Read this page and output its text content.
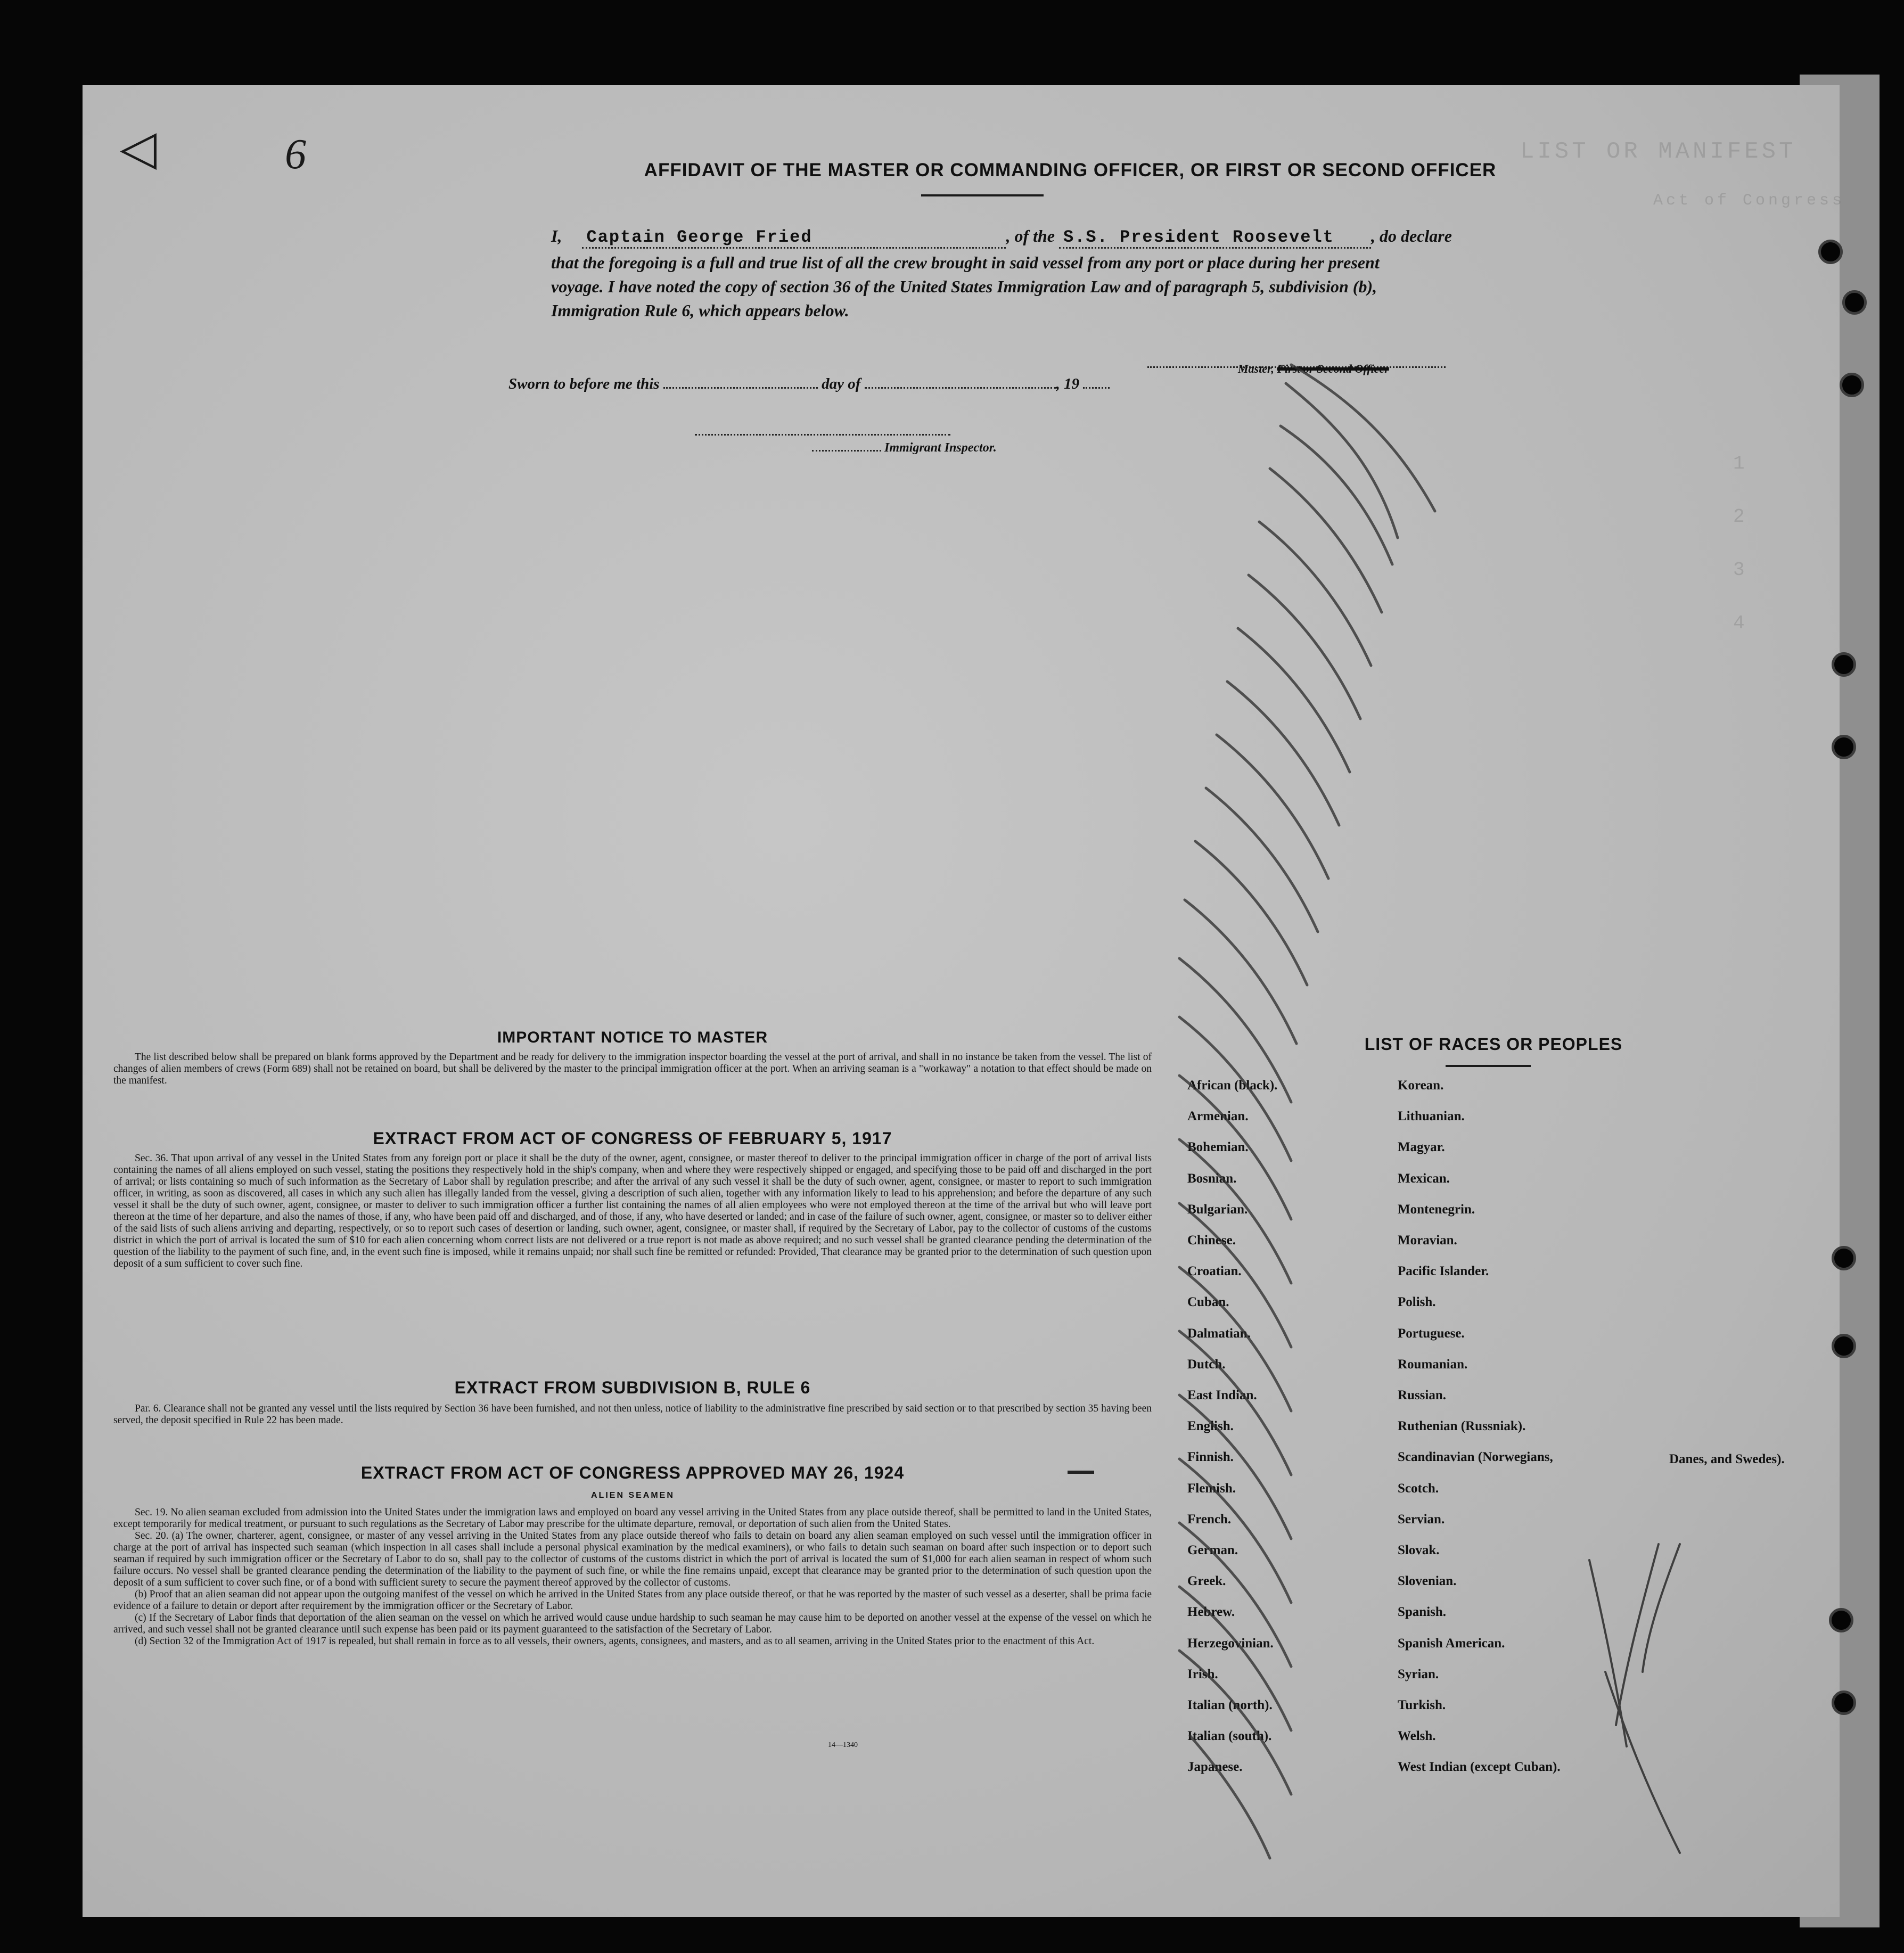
LIST OR MANIFEST
Act of Congress
1
2
3
4
AFFIDAVIT OF THE MASTER OR COMMANDING OFFICER, OR FIRST OR SECOND OFFICER
I, Captain George Fried	, of the S.S. President Roosevelt , do declare
that the foregoing is a full and true list of all the crew brought in said vessel from any port or place during her present
voyage. I have noted the copy of section 36 of the United States Immigration Law and of paragraph 5, subdivision (b),
Immigration Rule 6, which appears below.
Master, First or Second Officer
Sworn to before me this	day of	, 19
Immigrant Inspector.
IMPORTANT NOTICE TO MASTER

The list described below shall be prepared on blank forms approved by the Department and be ready for delivery to the immigration inspector boarding the vessel at the port of arrival, and shall in no instance be taken from the vessel. The list of changes of alien members of crews (Form 689) shall not be retained on board, but shall be delivered by the master to the principal immigration officer at the port. When an arriving seaman is a "workaway" a notation to that effect should be made on the manifest.

EXTRACT FROM ACT OF CONGRESS OF FEBRUARY 5, 1917

Sec. 36. That upon arrival of any vessel in the United States from any foreign port or place it shall be the duty of the owner, agent, consignee, or master thereof to deliver to the principal immigration officer in charge of the port of arrival lists containing the names of all aliens employed on such vessel, stating the positions they respectively hold in the ship's company, when and where they were respectively shipped or engaged, and specifying those to be paid off and discharged in the port of arrival; or lists containing so much of such information as the Secretary of Labor shall by regulation prescribe; and after the arrival of any such vessel it shall be the duty of such owner, agent, consignee, or master to report to such immigration officer, in writing, as soon as discovered, all cases in which any such alien has illegally landed from the vessel, giving a description of such alien, together with any information likely to lead to his apprehension; and before the departure of any such vessel it shall be the duty of such owner, agent, consignee, or master to deliver to such immigration officer a further list containing the names of all alien employees who were not employed thereon at the time of the arrival but who will leave port thereon at the time of her departure, and also the names of those, if any, who have been paid off and discharged, and of those, if any, who have deserted or landed; and in case of the failure of such owner, agent, consignee, or master so to deliver either of the said lists of such aliens arriving and departing, respectively, or so to report such cases of desertion or landing, such owner, agent, consignee, or master shall, if required by the Secretary of Labor, pay to the collector of customs of the customs district in which the port of arrival is located the sum of $10 for each alien concerning whom correct lists are not delivered or a true report is not made as above required; and no such vessel shall be granted clearance pending the determination of the question of the liability to the payment of such fine, and, in the event such fine is imposed, while it remains unpaid; nor shall such fine be remitted or refunded: Provided, That clearance may be granted prior to the determination of such question upon deposit of a sum sufficient to cover such fine.

EXTRACT FROM SUBDIVISION B, RULE 6

Par. 6. Clearance shall not be granted any vessel until the lists required by Section 36 have been furnished, and not then unless, notice of liability to the administrative fine prescribed by said section or to that prescribed by section 35 having been served, the deposit specified in Rule 22 has been made.

EXTRACT FROM ACT OF CONGRESS APPROVED MAY 26, 1924
ALIEN SEAMEN

Sec. 19. No alien seaman excluded from admission into the United States under the immigration laws and employed on board any vessel arriving in the United States from any place outside thereof, shall be permitted to land in the United States, except temporarily for medical treatment, or pursuant to such regulations as the Secretary of Labor may prescribe for the ultimate departure, removal, or deportation of such alien from the United States.

Sec. 20. (a) The owner, charterer, agent, consignee, or master of any vessel arriving in the United States from any place outside thereof who fails to detain on board any alien seaman employed on such vessel until the immigration officer in charge at the port of arrival has inspected such seaman (which inspection in all cases shall include a personal physical examination by the medical examiners), or who fails to detain such seaman on board after such inspection or to deport such seaman if required by such immigration officer or the Secretary of Labor to do so, shall pay to the collector of customs of the customs district in which the port of arrival is located the sum of $1,000 for each alien seaman in respect of whom such failure occurs. No vessel shall be granted clearance pending the determination of the liability to the payment of such fine, or while the fine remains unpaid, except that clearance may be granted prior to the determination of such question upon the deposit of a sum sufficient to cover such fine, or of a bond with sufficient surety to secure the payment thereof approved by the collector of customs.

(b) Proof that an alien seaman did not appear upon the outgoing manifest of the vessel on which he arrived in the United States from any place outside thereof, or that he was reported by the master of such vessel as a deserter, shall be prima facie evidence of a failure to detain or deport after requirement by the immigration officer or the Secretary of Labor.

(c) If the Secretary of Labor finds that deportation of the alien seaman on the vessel on which he arrived would cause undue hardship to such seaman he may cause him to be deported on another vessel at the expense of the vessel on which he arrived, and such vessel shall not be granted clearance until such expense has been paid or its payment guaranteed to the satisfaction of the Secretary of Labor.

(d) Section 32 of the Immigration Act of 1917 is repealed, but shall remain in force as to all vessels, their owners, agents, consignees, and masters, and as to all seamen, arriving in the United States prior to the enactment of this Act.

14—1340
LIST OF RACES OR PEOPLES
African (black).
Armenian.
Bohemian.
Bosnian.
Bulgarian.
Chinese.
Croatian.
Cuban.
Dalmatian.
Dutch.
East Indian.
English.
Finnish.
Flemish.
French.
German.
Greek.
Hebrew.
Herzegovinian.
Irish.
Italian (north).
Italian (south).
Japanese.
Korean.
Lithuanian.
Magyar.
Mexican.
Montenegrin.
Moravian.
Pacific Islander.
Polish.
Portuguese.
Roumanian.
Russian.
Ruthenian (Russniak).
Scandinavian (Norwegians,
Scotch.
Servian.
Slovak.
Slovenian.
Spanish.
Spanish American.
Syrian.
Turkish.
Welsh.
West Indian (except Cuban).
Danes, and Swedes).
◁	6
